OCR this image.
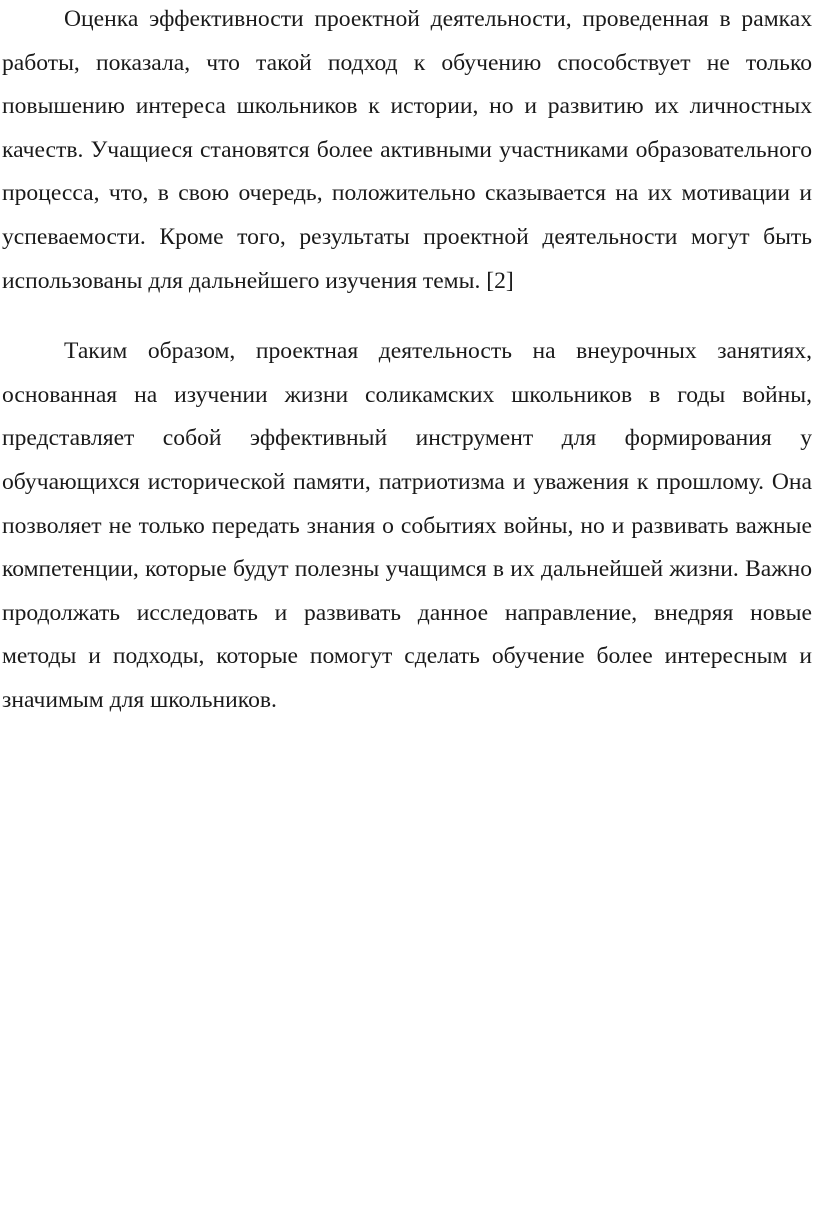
Оценка эффективности проектной деятельности, проведенная в рамках работы, показала, что такой подход к обучению способствует не только повышению интереса школьников к истории, но и развитию их личностных качеств. Учащиеся становятся более активными участниками образовательного процесса, что, в свою очередь, положительно сказывается на их мотивации и успеваемости. Кроме того, результаты проектной деятельности могут быть использованы для дальнейшего изучения темы. [2]

Таким образом, проектная деятельность на внеурочных занятиях, основанная на изучении жизни соликамских школьников в годы войны, представляет собой эффективный инструмент для формирования у обучающихся исторической памяти, патриотизма и уважения к прошлому. Она позволяет не только передать знания о событиях войны, но и развивать важные компетенции, которые будут полезны учащимся в их дальнейшей жизни. Важно продолжать исследовать и развивать данное направление, внедряя новые методы и подходы, которые помогут сделать обучение более интересным и значимым для школьников.
